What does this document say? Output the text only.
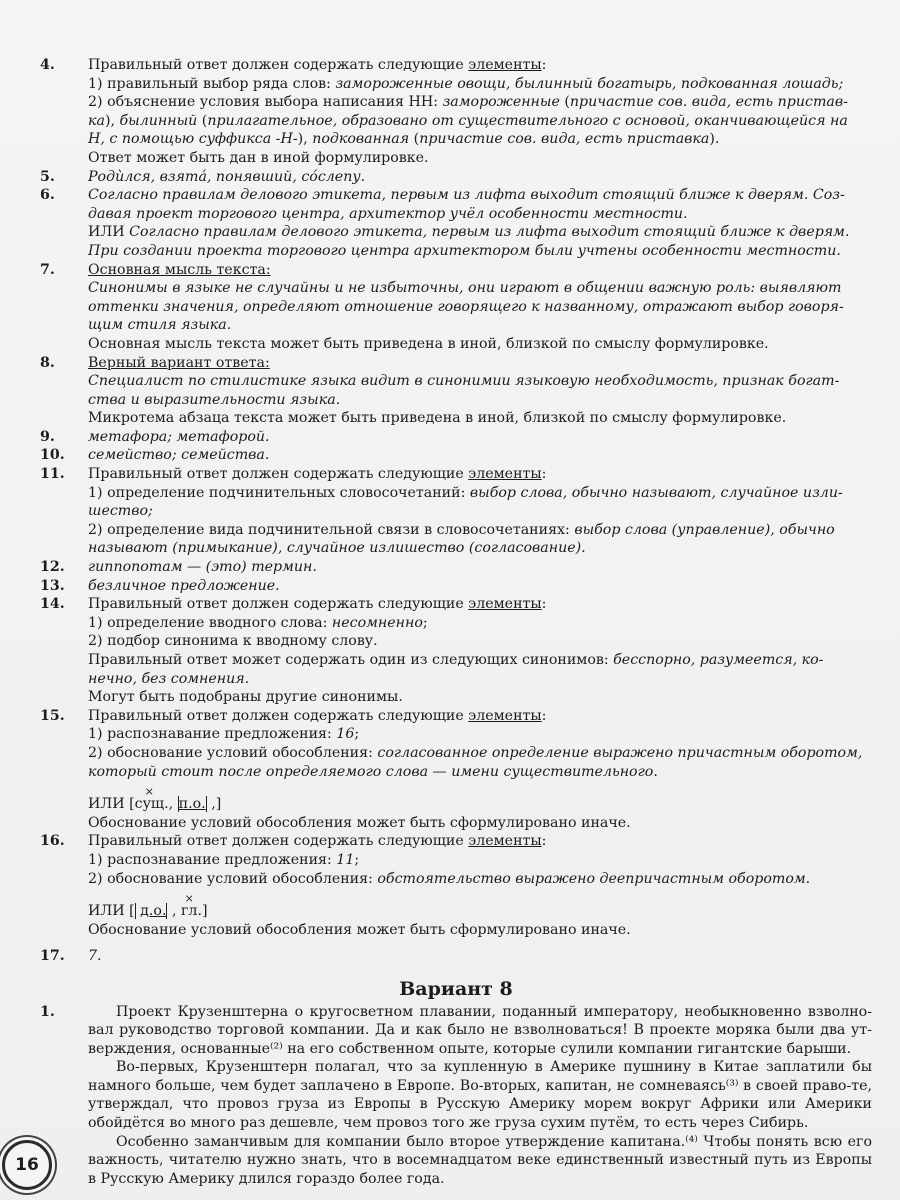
4.	Правильный ответ должен содержать следующие элементы:
1) правильный выбор ряда слов: замороженные овощи, былинный богатырь, подкованная лошадь;
2) объяснение условия выбора написания НН: замороженные (причастие сов. вида, есть пристав-
ка), былинный (прилагательное, образовано от существительного с основой, оканчивающейся на
Н, с помощью суффикса -Н-), подкованная (причастие сов. вида, есть приставка).
Ответ может быть дан в иной формулировке.
5.	Родѝлся, взятá, понявший, сóслепу.
6.	Согласно правилам делового этикета, первым из лифта выходит стоящий ближе к дверям. Соз-
давая проект торгового центра, архитектор учёл особенности местности.
ИЛИ Согласно правилам делового этикета, первым из лифта выходит стоящий ближе к дверям.
При создании проекта торгового центра архитектором были учтены особенности местности.
7.	Основная мысль текста:
Синонимы в языке не случайны и не избыточны, они играют в общении важную роль: выявляют
оттенки значения, определяют отношение говорящего к названному, отражают выбор говоря-
щим стиля языка.
Основная мысль текста может быть приведена в иной, близкой по смыслу формулировке.
8.	Верный вариант ответа:
Специалист по стилистике языка видит в синонимии языковую необходимость, признак богат-
ства и выразительности языка.
Микротема абзаца текста может быть приведена в иной, близкой по смыслу формулировке.
9.	метафора; метафорой.
10.	семейство; семейства.
11.	Правильный ответ должен содержать следующие элементы:
1) определение подчинительных словосочетаний: выбор слова, обычно называют, случайное изли-
шество;
2) определение вида подчинительной связи в словосочетаниях: выбор слова (управление), обычно
называют (примыкание), случайное излишество (согласование).
12.	гиппопотам — (это) термин.
13.	безличное предложение.
14.	Правильный ответ должен содержать следующие элементы:
1) определение вводного слова: несомненно;
2) подбор синонима к вводному слову.
Правильный ответ может содержать один из следующих синонимов: бесспорно, разумеется, ко-
нечно, без сомнения.
Могут быть подобраны другие синонимы.
15.	Правильный ответ должен содержать следующие элементы:
1) распознавание предложения: 16;
2) обоснование условий обособления: согласованное определение выражено причастным оборотом,
который стоит после определяемого слова — имени существительного.
ИЛИ [× сущ., п.о. ,]
Обоснование условий обособления может быть сформулировано иначе.
16.	Правильный ответ должен содержать следующие элементы:
1) распознавание предложения: 11;
2) обоснование условий обособления: обстоятельство выражено деепричастным оборотом.
ИЛИ [ д.о. , × гл.]
Обоснование условий обособления может быть сформулировано иначе.
17.	7.
Вариант 8
1.	Проект Крузенштерна о кругосветном плавании, поданный императору, необыкновенно взволно-вал руководство торговой компании. Да и как было не взволноваться! В проекте моряка были два ут-верждения, основанные⁽²⁾ на его собственном опыте, которые сулили компании гигантские барыши.
Во-первых, Крузенштерн полагал, что за купленную в Америке пушнину в Китае заплатили бы намного больше, чем будет заплачено в Европе. Во-вторых, капитан, не сомневаясь⁽³⁾ в своей право-те, утверждал, что провоз груза из Европы в Русскую Америку морем вокруг Африки или Америки обойдётся во много раз дешевле, чем провоз того же груза сухим путём, то есть через Сибирь.
Особенно заманчивым для компании было второе утверждение капитана.⁽⁴⁾ Чтобы понять всю его важность, читателю нужно знать, что в восемнадцатом веке единственный известный путь из Европы в Русскую Америку длился гораздо более года.
16
